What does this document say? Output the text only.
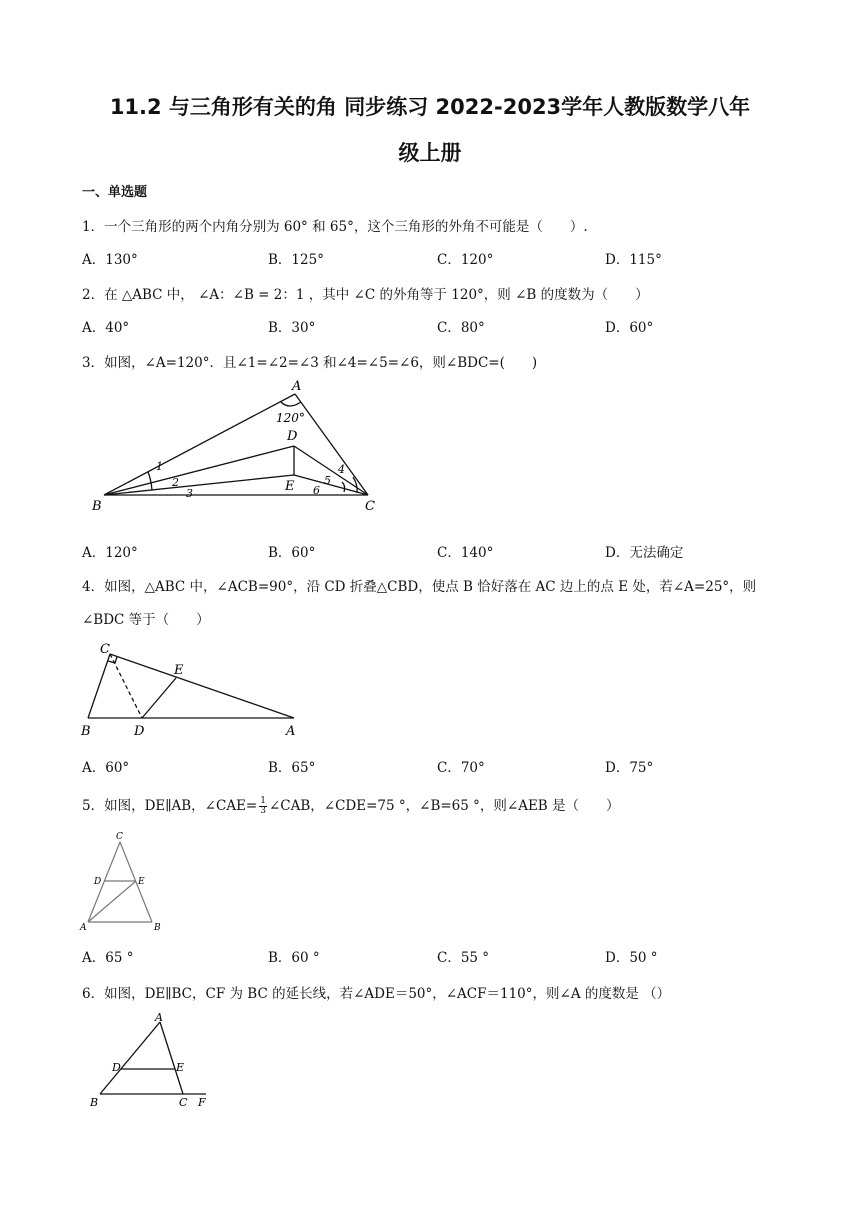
11.2 与三角形有关的角 同步练习 2022-2023学年人教版数学八年
级上册
一、单选题
1．一个三角形的两个内角分别为 60° 和 65°，这个三角形的外角不可能是（　　）.
A．130°	B．125°	C．120°	D．115°
2．在 △ABC 中， ∠A：∠B = 2：1 ，其中 ∠C 的外角等于 120°，则 ∠B 的度数为（　　）
A．40°	B．30°	C．80°	D．60°
3．如图，∠A=120°．且∠1=∠2=∠3 和∠4=∠5=∠6，则∠BDC=(　　)
A
B	C
D
E
120°
1
2
3
4
5
6
A．120°	B．60°	C．140°	D．无法确定
4．如图，△ABC 中，∠ACB=90°，沿 CD 折叠△CBD，使点 B 恰好落在 AC 边上的点 E 处，若∠A=25°，则
∠BDC 等于（　　）
C
B	D
E
A
A．60°	B．65°	C．70°	D．75°
5．如图，DE∥AB，∠CAE= $\frac{1}{3}$ ∠CAB，∠CDE=75 °，∠B=65 °，则∠AEB 是（　　）
C
D	E
A	B
A．65 °	B．60 °	C．55 °	D．50 °
6．如图，DE∥BC，CF 为 BC 的延长线，若∠ADE＝50°，∠ACF＝110°，则∠A 的度数是 （）
A
D	E
B	C F
